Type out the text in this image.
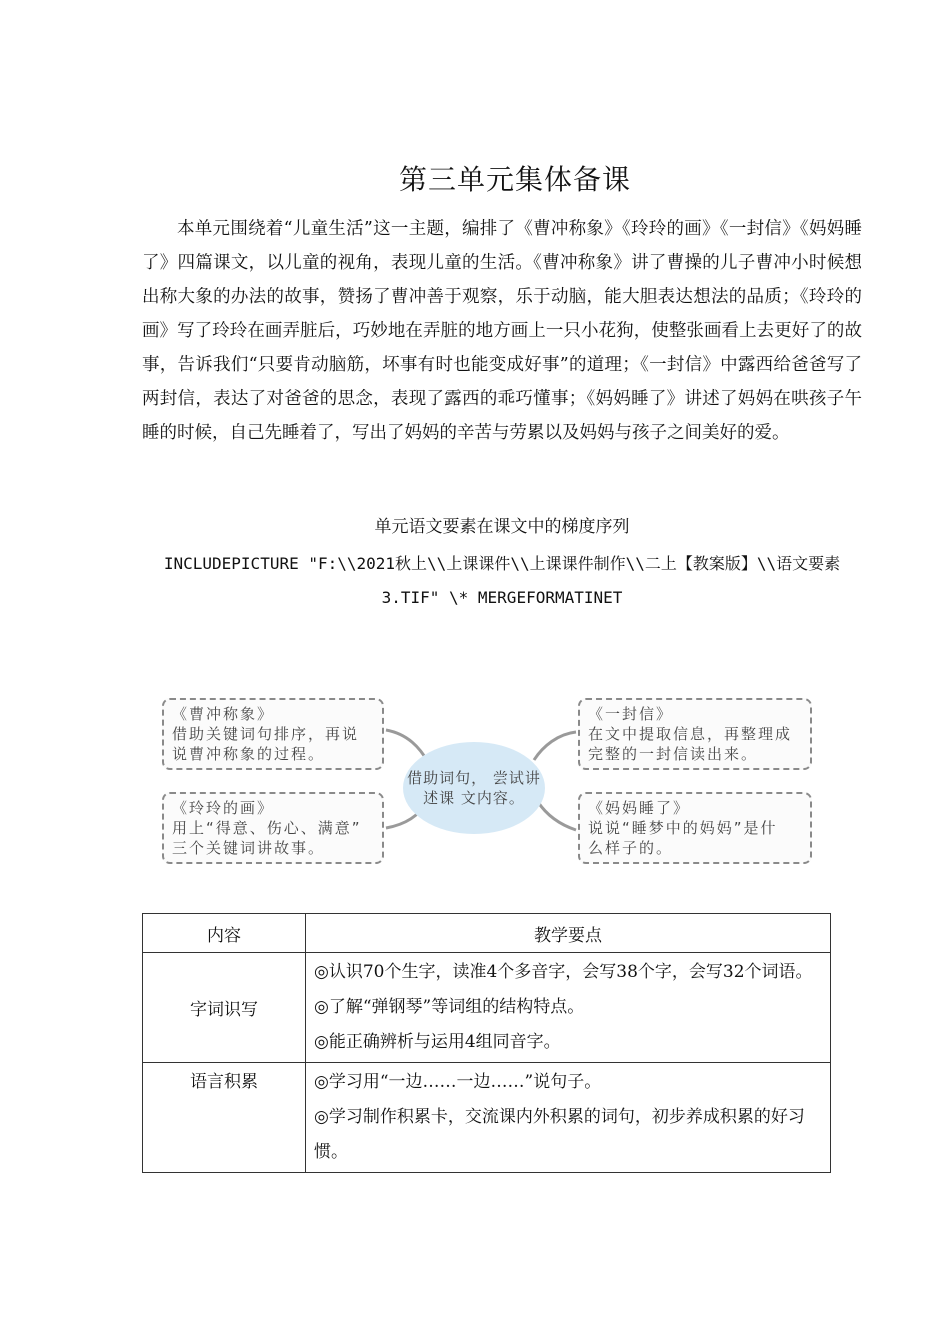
第三单元集体备课

本单元围绕着“儿童生活”这一主题，编排了《曹冲称象》《玲玲的画》《一封信》《妈妈睡了》四篇课文，以儿童的视角，表现儿童的生活。《曹冲称象》讲了曹操的儿子曹冲小时候想出称大象的办法的故事，赞扬了曹冲善于观察，乐于动脑，能大胆表达想法的品质；《玲玲的画》写了玲玲在画弄脏后，巧妙地在弄脏的地方画上一只小花狗，使整张画看上去更好了的故事，告诉我们“只要肯动脑筋，坏事有时也能变成好事”的道理；《一封信》中露西给爸爸写了两封信，表达了对爸爸的思念，表现了露西的乖巧懂事；《妈妈睡了》讲述了妈妈在哄孩子午睡的时候，自己先睡着了，写出了妈妈的辛苦与劳累以及妈妈与孩子之间美好的爱。

单元语文要素在课文中的梯度序列
INCLUDEPICTURE "F:\\2021秋上\\上课课件\\上课课件制作\\二上【教案版】\\语文要素3.TIF" \* MERGEFORMATINET
借助词句， 尝试讲述课 文内容。
《曹冲称象》
借助关键词句排序，再说
说曹冲称象的过程。
《一封信》
在文中提取信息，再整理成
完整的一封信读出来。
《玲玲的画》
用上“得意、伤心、满意”
三个关键词讲故事。
《妈妈睡了》
说说“睡梦中的妈妈”是什
么样子的。
内容	教学要点
字词识写	◎认识70个生字，读准4个多音字，会写38个字，会写32个词语。

◎了解“弹钢琴”等词组的结构特点。

◎能正确辨析与运用4组同音字。

语言积累	◎学习用“一边……一边……”说句子。

◎学习制作积累卡，交流课内外积累的词句，初步养成积累的好习惯。
